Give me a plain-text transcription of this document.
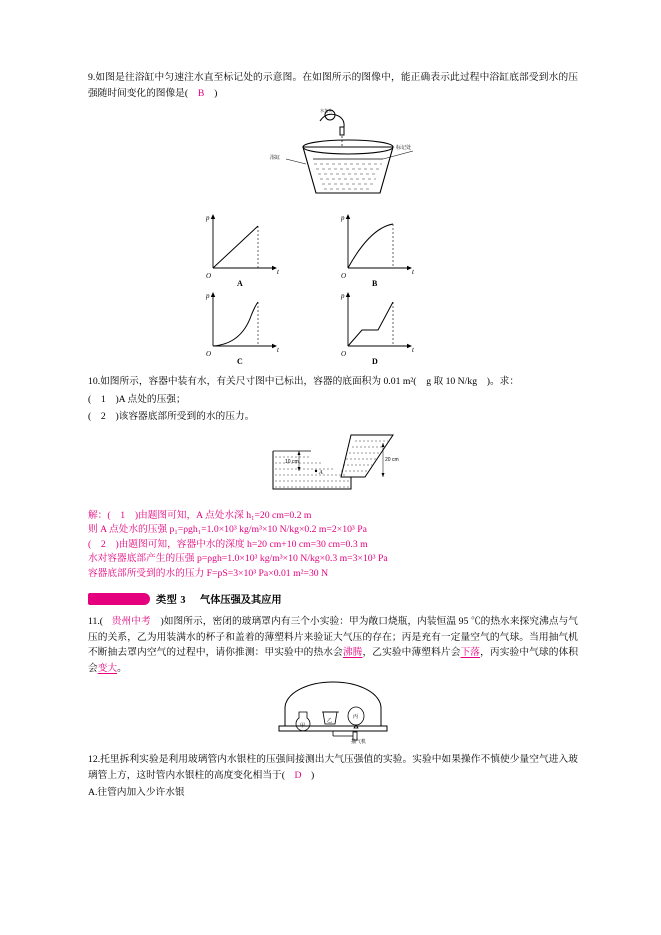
9.如图是往浴缸中匀速注水直至标记处的示意图。在如图所示的图像中，能正确表示此过程中浴缸底部受到水的压强随时间变化的图像是( B )
水龙头
标记处
浴缸
p
t
O
A
p
t
O
B
p
t
O
C
p
t
O
D
10.如图所示，容器中装有水，有关尺寸图中已标出，容器的底面积为 0.01 m²(　g 取 10 N/kg　)。求：
(　1　)A 点处的压强；
(　2　)该容器底部所受到的水的压力。
A
10 cm	20 cm
解：(　1　)由题图可知，A 点处水深 h₁=20 cm=0.2 m
则 A 点处水的压强 p₁=ρgh₁=1.0×10³ kg/m³×10 N/kg×0.2 m=2×10³ Pa
(　2　)由题图可知，容器中水的深度 h=20 cm+10 cm=30 cm=0.3 m
水对容器底部产生的压强 p=ρgh=1.0×10³ kg/m³×10 N/kg×0.3 m=3×10³ Pa
容器底部所受到的水的压力 F=pS=3×10³ Pa×0.01 m²=30 N
类型 3 气体压强及其应用
11.(　 贵州中考　 )如图所示，密闭的玻璃罩内有三个小实验：甲为敞口烧瓶，内装恒温 95 ℃的热水来探究沸点与气压的关系，乙为用装满水的杯子和盖着的薄塑料片来验证大气压的存在；丙是充有一定量空气的气球。当用抽气机不断抽去罩内空气的过程中，请你推测：甲实验中的热水会沸腾，乙实验中薄塑料片会下落，丙实验中气球的体积会变大。
甲
乙
丙
抽气机
12.托里拆利实验是利用玻璃管内水银柱的压强间接测出大气压强值的实验。实验中如果操作不慎使少量空气进入玻璃管上方，这时管内水银柱的高度变化相当于( D )
A.往管内加入少许水银
